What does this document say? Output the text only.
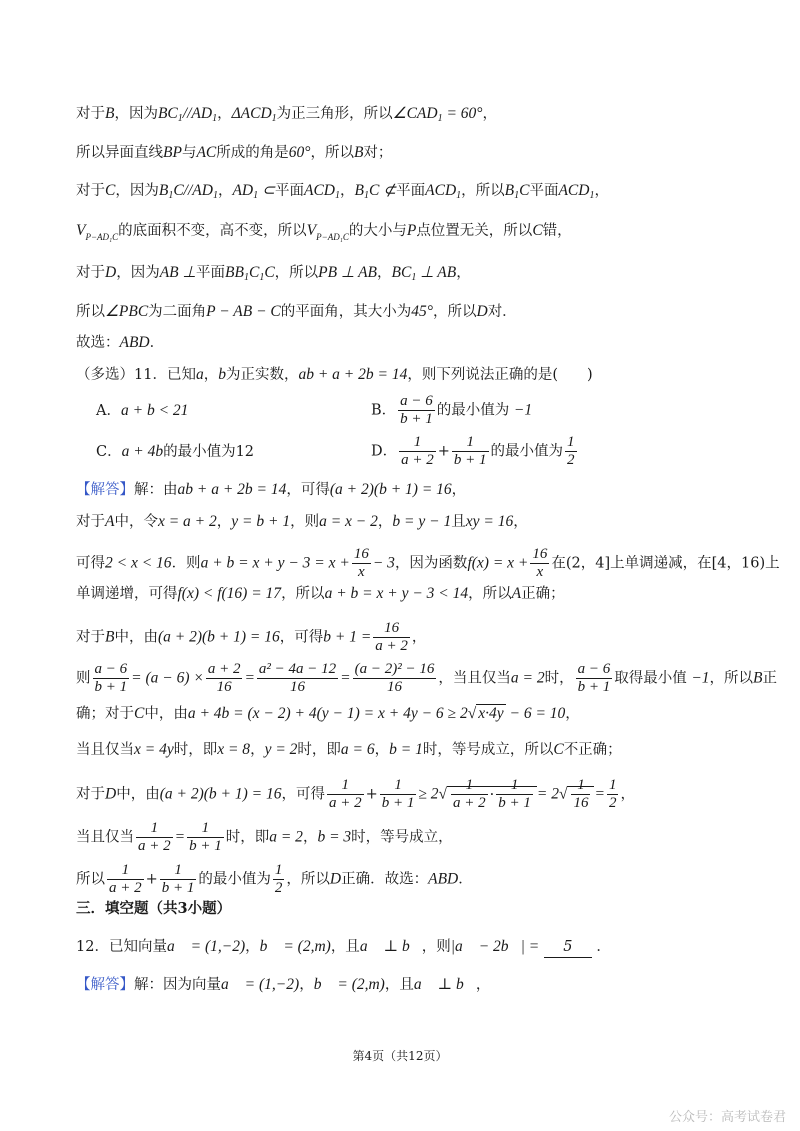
对于B，因为$BC_1//AD_1$，$\Delta ACD_1$为正三角形，所以$\angle CAD_1 = 60^\circ$，
所以异面直线BP与AC所成的角是60°，所以B对；
对于C，因为$B_1C//AD_1$，$AD_1$ ⊂平面$ACD_1$，$B_1C$ ⊄平面$ACD_1$，所以$B_1C$平面$ACD_1$，
$V_{P-AD_1C}$的底面积不变，高不变，所以$V_{P-AD_1C}$的大小与P点位置无关，所以C错，
对于D，因为AB ⊥平面$BB_1C_1C$，所以PB ⊥ AB，$BC_1$ ⊥ AB，
所以∠PBC为二面角P − AB − C的平面角，其大小为45°，所以D对．
故选：ABD．
（多选）11．已知a，b为正实数，ab + a + 2b = 14，则下列说法正确的是(　　)
A．a + b < 21	B． $\frac{a - 6}{b + 1}$ 的最小值为 −1
C．a + 4b的最小值为12	D． $\frac{1}{a + 2} + \frac{1}{b + 1}$ 的最小值为 $\frac{1}{2}$
【解答】解：由ab + a + 2b = 14，可得(a + 2)(b + 1) = 16，
对于A中，令x = a + 2，y = b + 1，则a = x − 2，b = y − 1且xy = 16，
可得2 < x < 16．则$a + b = x + y - 3 = x + \frac{16}{x} - 3$，因为函数$f(x) = x + \frac{16}{x}$ 在(2，4]上单调递减，在[4，16)上
单调递增，可得f(x) < f(16) = 17，所以a + b = x + y − 3 < 14，所以A正确；
对于B中，由(a + 2)(b + 1) = 16，可得$b + 1 = \frac{16}{a + 2}$ ，
则 $\frac{a - 6}{b + 1} = (a - 6) \times \frac{a + 2}{16} = \frac{\text{a² − 4a − 12}}{16} = \frac{\text{(a − 2)² − 16}}{16}$ ，当且仅当a = 2时， $\frac{a - 6}{b + 1}$ 取得最小值 −1，所以B正
确；对于C中，由a + 4b = (x − 2) + 4(y − 1) = x + 4y − 6 ≥ 2√ x·4y − 6 = 10，
当且仅当x = 4y时，即x = 8，y = 2时，即a = 6，b = 1时，等号成立，所以C不正确；
对于D中，由(a + 2)(b + 1) = 16，可得 $\frac{1}{a + 2} + \frac{1}{b + 1} \ge 2√ \frac{1}{a + 2} \cdot \frac{1}{b + 1} = 2√ \frac{1}{16} = \frac{1}{2}$ ，
当且仅当 $\frac{1}{a + 2} = \frac{1}{b + 1}$ 时，即a = 2，b = 3时，等号成立，
所以 $\frac{1}{a + 2} + \frac{1}{b + 1}$ 的最小值为 $\frac{1}{2}$ ，所以D正确．故选：ABD．
三．填空题（共3小题）
12．已知向量a⃗ = (1,−2)，b⃗ = (2,m)，且a⃗ ⊥ b⃗，则|a⃗ − 2b⃗| = 5 ．
【解答】解：因为向量a⃗ = (1,−2)，b⃗ = (2,m)，且a⃗ ⊥ b⃗，
第4页（共12页）
公众号：高考试卷君
